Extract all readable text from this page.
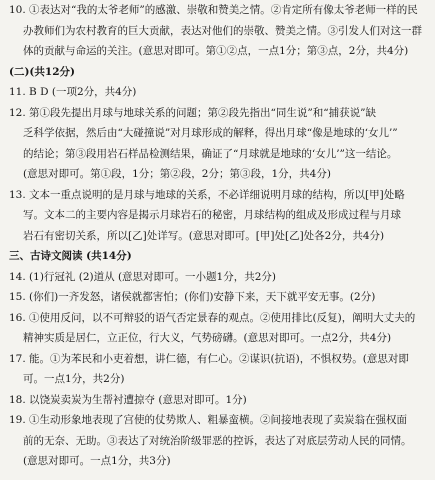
10. ①表达对“我的太爷老师”的感激、崇敬和赞美之情。②肯定所有像太爷老师一样的民
办教师们为农村教育的巨大贡献，表达对他们的崇敬、赞美之情。③引发人们对这一群
体的贡献与命运的关注。(意思对即可。第①②点，一点1分；第③点，2分，共4分)
(二)(共12分)
11. B D (一项2分，共4分)
12. 第①段先提出月球与地球关系的问题；第②段先指出“同生说”和“捕获说”缺
乏科学依据，然后由“大碰撞说”对月球形成的解释，得出月球“像是地球的‘女儿’”
的结论；第③段用岩石样品检测结果，确证了“月球就是地球的‘女儿’”这一结论。
(意思对即可。第①段，1分；第②段，2分；第③段，1分，共4分)
13. 文本一重点说明的是月球与地球的关系，不必详细说明月球的结构，所以[甲]处略
写。文本二的主要内容是揭示月球岩石的秘密，月球结构的组成及形成过程与月球
岩石有密切关系，所以[乙]处详写。(意思对即可。[甲]处[乙]处各2分，共4分)
三、古诗文阅读 (共14分)
14. (1)行冠礼 (2)道从 (意思对即可。一小题1分，共2分)
15. (你们)一齐发怒，诸侯就都害怕；(你们)安静下来，天下就平安无事。(2分)
16. ①使用反问，以不可辩驳的语气否定景春的观点。②使用排比(反复)，阐明大丈夫的
精神实质是居仁，立正位，行大义，气势磅礴。(意思对即可。一点2分，共4分)
17. 能。①为苯民和小吏着想，讲仁德，有仁心。②谋识(抗语)，不惧权势。(意思对即
可。一点1分，共2分)
18. 以饶炭卖炭为生帮衬遭掠夺 (意思对即可。1分)
19. ①生动形象地表现了宫使的仗势欺人、粗暴蛮横。②间接地表现了卖炭翁在强权面
前的无奈、无助。③表达了对统治阶级罪恶的控诉，表达了对底层劳动人民的同情。
(意思对即可。一点1分，共3分)
